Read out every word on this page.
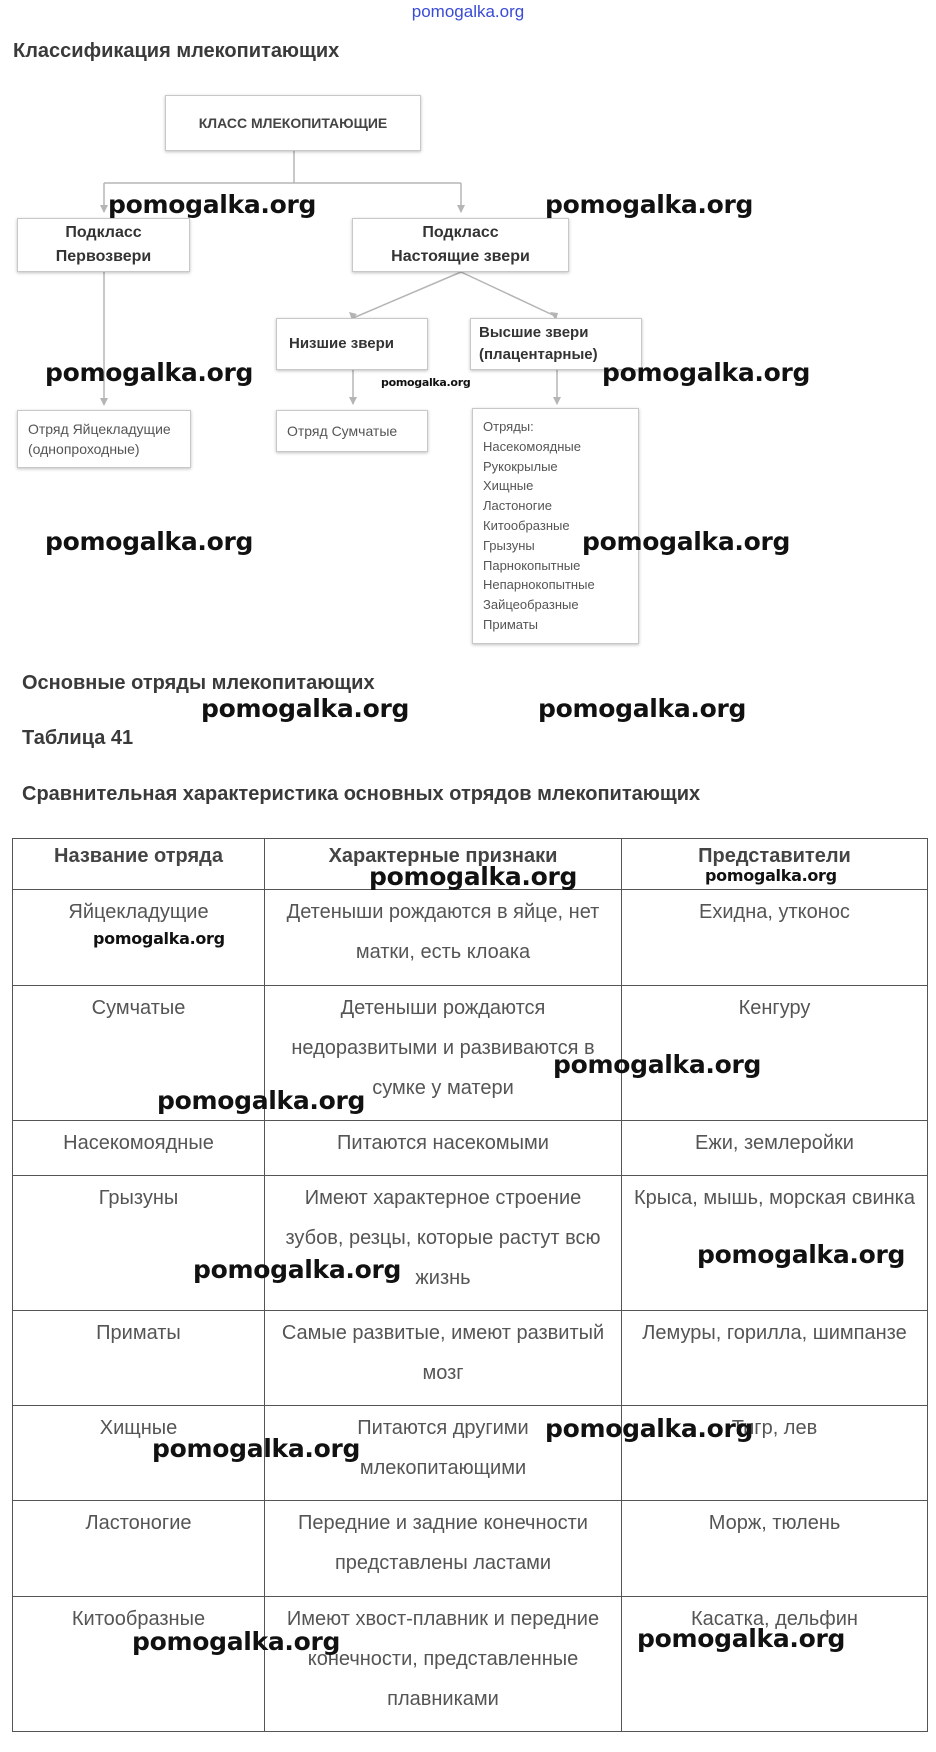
pomogalka.org
Классификация млекопитающих
КЛАСС МЛЕКОПИТАЮЩИЕ
Подкласс
Первозвери
Подкласс
Настоящие звери
Низшие звери
Высшие звери
(плацентарные)
Отряд Яйцекладущие
(однопроходные)
Отряд Сумчатые	Отряды:
Насекомоядные
Рукокрылые
Хищные
Ластоногие
Китообразные
Грызуны
Парнокопытные
Непарнокопытные
Зайцеобразные
Приматы
Основные отряды млекопитающих
Таблица 41
Сравнительная характеристика основных отрядов млекопитающих
Название отряда	Характерные признаки	Представители
Яйцекладущие	Детеныши рождаются в яйце, нет матки, есть клоака	Ехидна, утконос
Сумчатые	Детеныши рождаются недоразвитыми и развиваются в сумке у матери	Кенгуру
Насекомоядные	Питаются насекомыми	Ежи, землеройки
Грызуны	Имеют характерное строение зубов, резцы, которые растут всю жизнь	Крыса, мышь, морская свинка
Приматы	Самые развитые, имеют развитый мозг	Лемуры, горилла, шимпанзе
Хищные	Питаются другими млекопитающими	Тигр, лев
Ластоногие	Передние и задние конечности представлены ластами	Морж, тюлень
Китообразные	Имеют хвост-плавник и передние конечности, представленные плавниками	Касатка, дельфин
pomogalka.org	pomogalka.org
pomogalka.org	pomogalka.org	pomogalka.org
pomogalka.org	pomogalka.org
pomogalka.org	pomogalka.org
pomogalka.org	pomogalka.org
pomogalka.org
pomogalka.org
pomogalka.org
pomogalka.org
pomogalka.org
pomogalka.org
pomogalka.org
pomogalka.org	pomogalka.org
